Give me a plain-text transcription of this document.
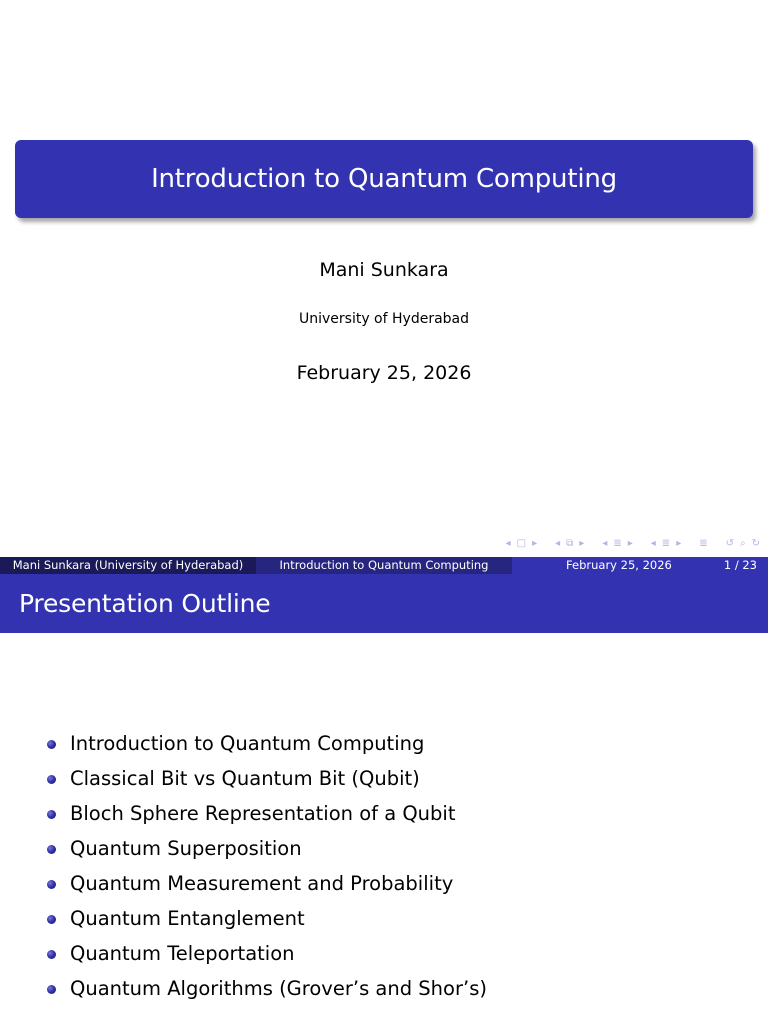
Introduction to Quantum Computing
Mani Sunkara
University of Hyderabad
February 25, 2026
◂ □ ▸ ◂ ⧉ ▸ ◂ ≣ ▸ ◂ ≣ ▸ ≣ ↺ ⌕ ↻
Mani Sunkara (University of Hyderabad)	Introduction to Quantum Computing	February 25, 2026	1 / 23
Presentation Outline
Introduction to Quantum Computing
Classical Bit vs Quantum Bit (Qubit)
Bloch Sphere Representation of a Qubit
Quantum Superposition
Quantum Measurement and Probability
Quantum Entanglement
Quantum Teleportation
Quantum Algorithms (Grover’s and Shor’s)
